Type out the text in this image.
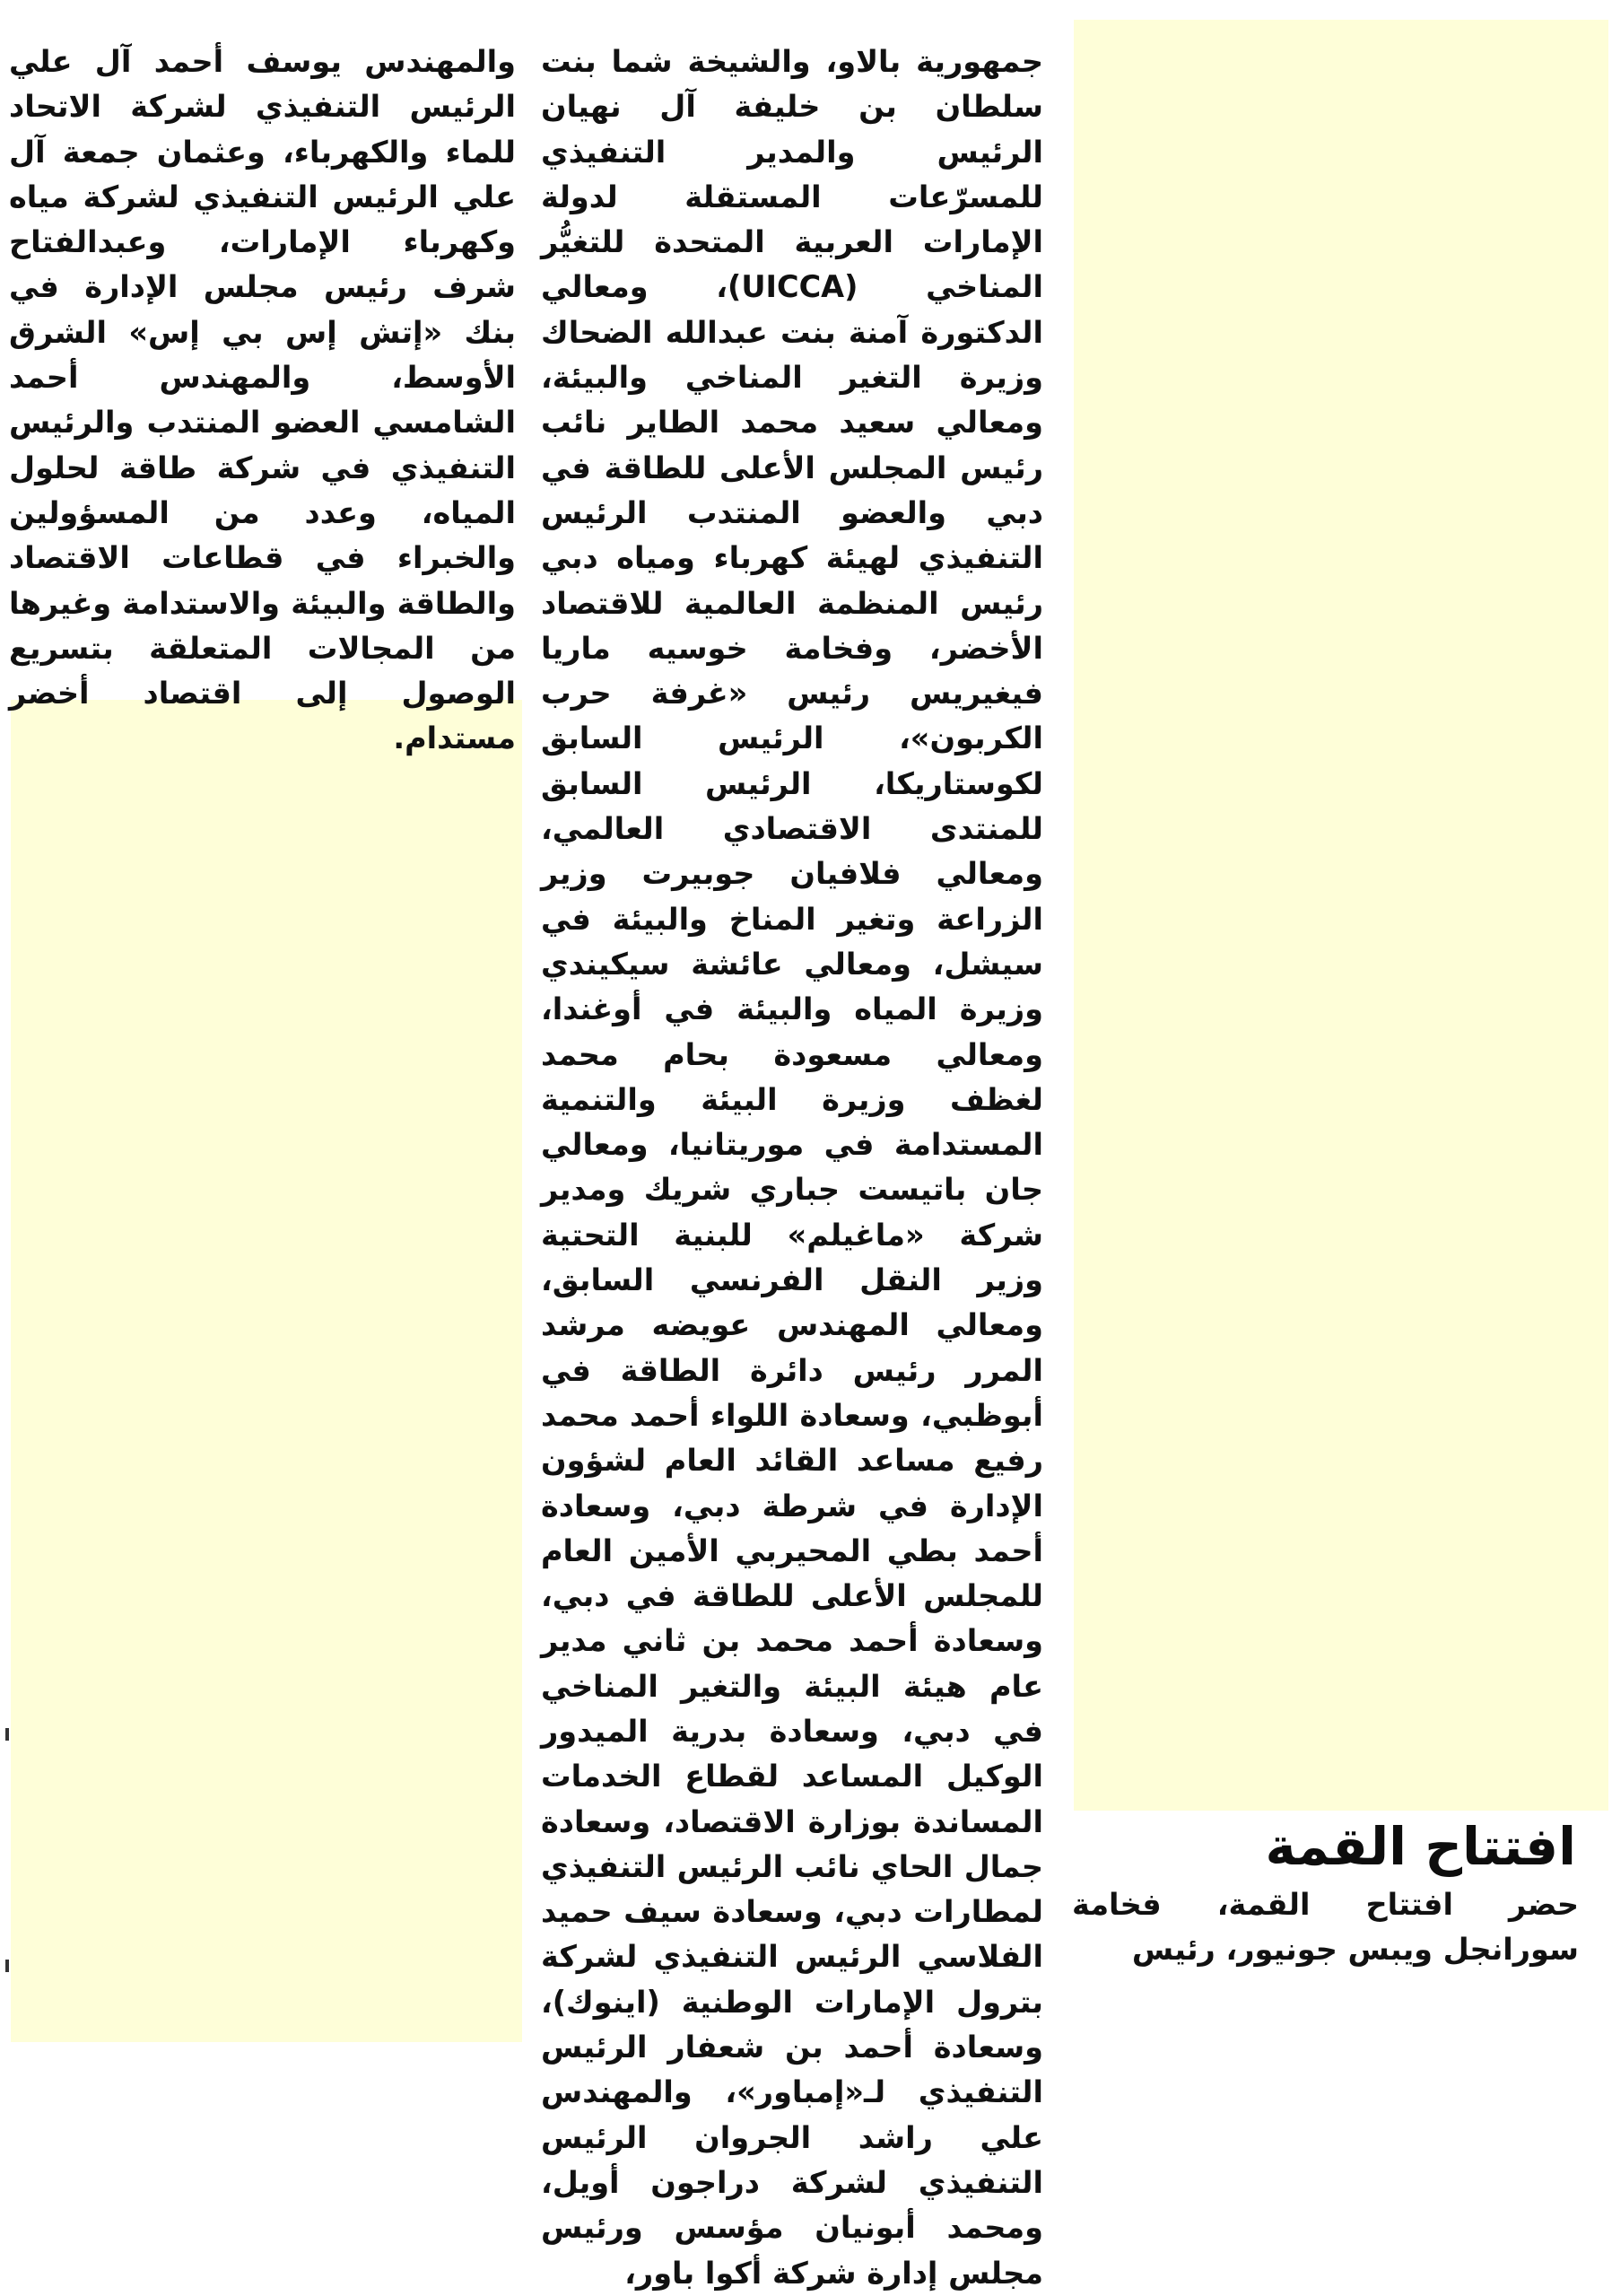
جمهورية بالاو، والشيخة شما بنت سلطان بن خليفة آل نهيان الرئيس والمدير التنفيذي للمسرّعات المستقلة لدولة الإمارات العربية المتحدة للتغيُّر المناخي (UICCA)، ومعالي الدكتورة آمنة بنت عبدالله الضحاك وزيرة التغير المناخي والبيئة، ومعالي سعيد محمد الطاير نائب رئيس المجلس الأعلى للطاقة في دبي والعضو المنتدب الرئيس التنفيذي لهيئة كهرباء ومياه دبي رئيس المنظمة العالمية للاقتصاد الأخضر، وفخامة خوسيه ماريا فيغيريس رئيس «غرفة حرب الكربون»، الرئيس السابق لكوستاريكا، الرئيس السابق للمنتدى الاقتصادي العالمي، ومعالي فلافيان جوبيرت وزير الزراعة وتغير المناخ والبيئة في سيشل، ومعالي عائشة سيكيندي وزيرة المياه والبيئة في أوغندا، ومعالي مسعودة بحام محمد لغظف وزيرة البيئة والتنمية المستدامة في موريتانيا، ومعالي جان باتيست جباري شريك ومدير شركة «ماغيلم» للبنية التحتية وزير النقل الفرنسي السابق، ومعالي المهندس عويضه مرشد المرر رئيس دائرة الطاقة في أبوظبي، وسعادة اللواء أحمد محمد رفيع مساعد القائد العام لشؤون الإدارة في شرطة دبي، وسعادة أحمد بطي المحيربي الأمين العام للمجلس الأعلى للطاقة في دبي، وسعادة أحمد محمد بن ثاني مدير عام هيئة البيئة والتغير المناخي في دبي، وسعادة بدرية الميدور الوكيل المساعد لقطاع الخدمات المساندة بوزارة الاقتصاد، وسعادة جمال الحاي نائب الرئيس التنفيذي لمطارات دبي، وسعادة سيف حميد الفلاسي الرئيس التنفيذي لشركة بترول الإمارات الوطنية (اينوك)، وسعادة أحمد بن شعفار الرئيس التنفيذي لـ«إمباور»، والمهندس علي راشد الجروان الرئيس التنفيذي لشركة دراجون أويل، ومحمد أبونيان مؤسس ورئيس مجلس إدارة شركة أكوا باور،

والمهندس يوسف أحمد آل علي الرئيس التنفيذي لشركة الاتحاد للماء والكهرباء، وعثمان جمعة آل علي الرئيس التنفيذي لشركة مياه وكهرباء الإمارات، وعبدالفتاح شرف رئيس مجلس الإدارة في بنك «إتش إس بي إس» الشرق الأوسط، والمهندس أحمد الشامسي العضو المنتدب والرئيس التنفيذي في شركة طاقة لحلول المياه، وعدد من المسؤولين والخبراء في قطاعات الاقتصاد والطاقة والبيئة والاستدامة وغيرها من المجالات المتعلقة بتسريع الوصول إلى اقتصاد أخضر مستدام.

افتتاح القمة

حضر افتتاح القمة، فخامة سورانجل ويبس جونيور، رئيس
